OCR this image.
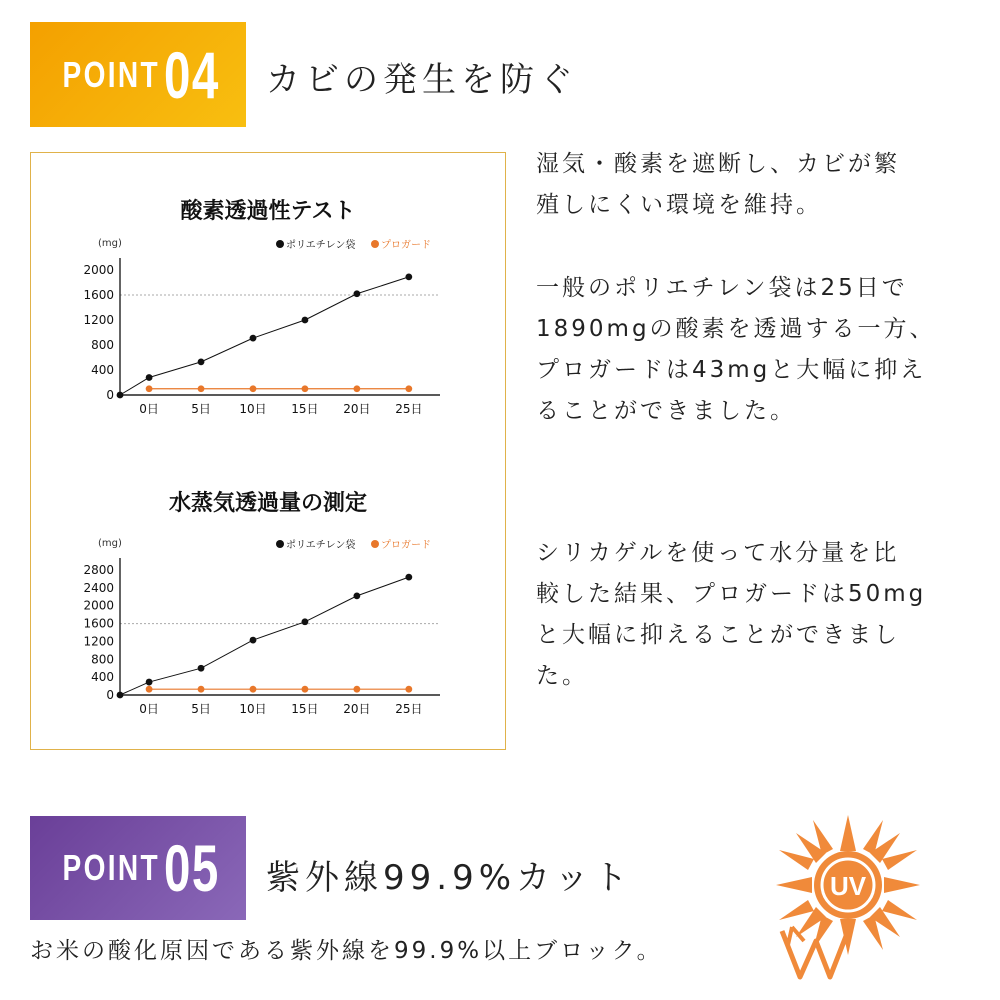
POINT 04 カビの発生を防ぐ
酸素透過性テスト
(mg)	ポリエチレン袋	プロガード
0
400
800
1200
1600
2000
0日	5日 10日 15日 20日 25日
水蒸気透過量の測定
(mg)	ポリエチレン袋	プロガード
0
400
800
1200
1600
2000
2400
2800
0日	5日 10日 15日 20日 25日
湿気・酸素を遮断し、カビが繁
殖しにくい環境を維持。
一般のポリエチレン袋は25日で
1890mgの酸素を透過する一方、
プロガードは43mgと大幅に抑え
ることができました。
シリカゲルを使って水分量を比
較した結果、プロガードは50mg
と大幅に抑えることができまし
た。
POINT 05 紫外線99.9%カット
お米の酸化原因である紫外線を99.9%以上ブロック。
UV
